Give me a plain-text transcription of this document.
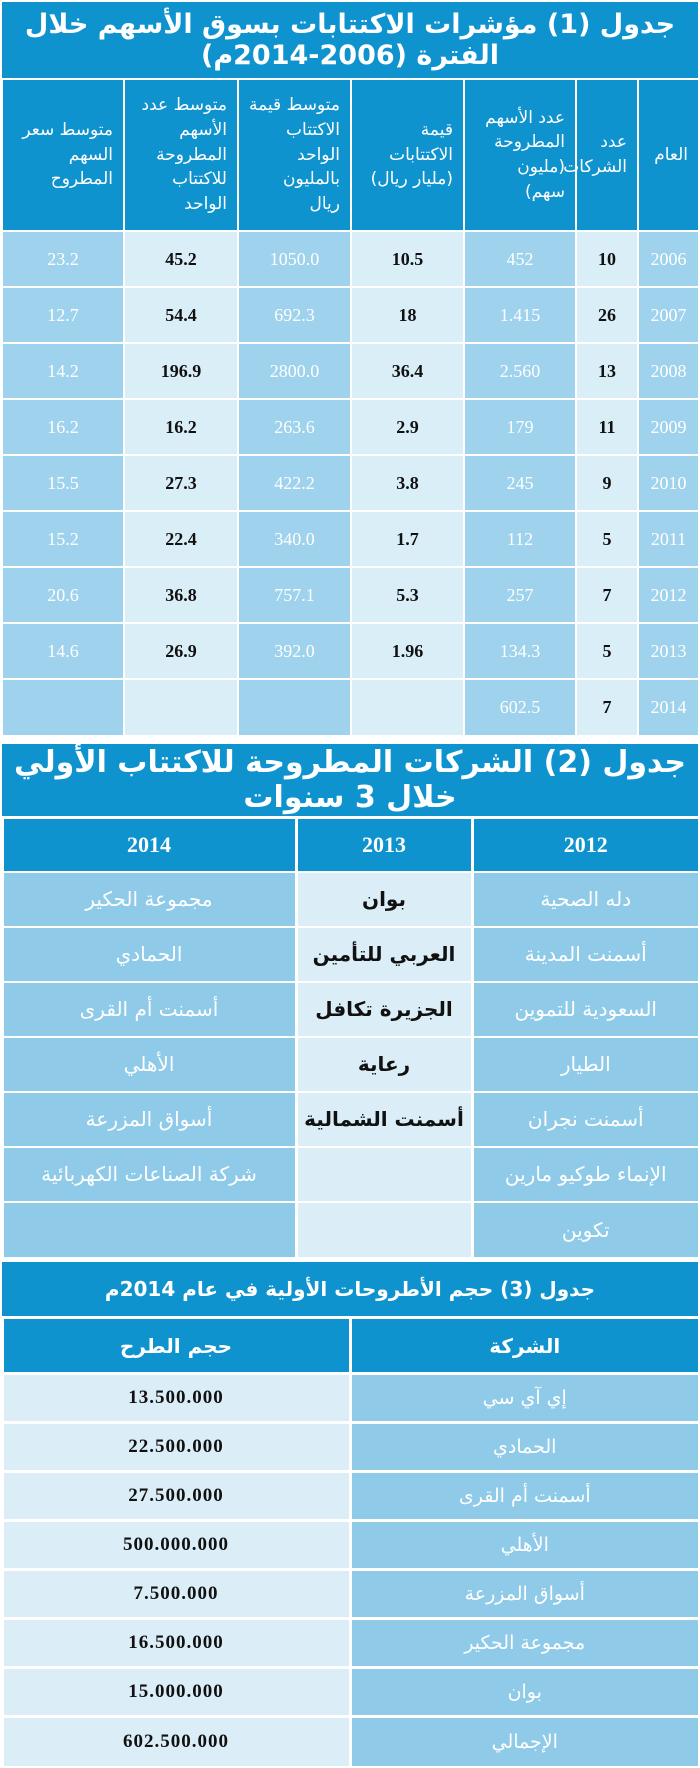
جدول (1) مؤشرات الاكتتابات بسوق الأسهم خلال الفترة (2006-2014م)
العام	عدد الشركات	عدد الأسهم المطروحة (مليون سهم)	قيمة الاكتتابات (مليار ريال)	متوسط قيمة الاكتتاب الواحد بالمليون ريال	متوسط عدد الأسهم المطروحة للاكتتاب الواحد	متوسط سعر السهم المطروح
2006	10	452	10.5	1050.0	45.2	23.2
2007	26	1.415	18	692.3	54.4	12.7
2008	13	2.560	36.4	2800.0	196.9	14.2
2009	11	179	2.9	263.6	16.2	16.2
2010	9	245	3.8	422.2	27.3	15.5
2011	5	112	1.7	340.0	22.4	15.2
2012	7	257	5.3	757.1	36.8	20.6
2013	5	134.3	1.96	392.0	26.9	14.6
2014	7	602.5				
جدول (2) الشركات المطروحة للاكتتاب الأولي خلال 3 سنوات
2012	2013	2014
دله الصحية	بوان	مجموعة الحكير
أسمنت المدينة	العربي للتأمين	الحمادي
السعودية للتموين	الجزيرة تكافل	أسمنت أم القرى
الطيار	رعاية	الأهلي
أسمنت نجران	أسمنت الشمالية	أسواق المزرعة
الإنماء طوكيو مارين		شركة الصناعات الكهربائية
تكوين		
جدول (3) حجم الأطروحات الأولية في عام 2014م
الشركة	حجم الطرح
إي آي سي	13.500.000
الحمادي	22.500.000
أسمنت أم القرى	27.500.000
الأهلي	500.000.000
أسواق المزرعة	7.500.000
مجموعة الحكير	16.500.000
بوان	15.000.000
الإجمالي	602.500.000
